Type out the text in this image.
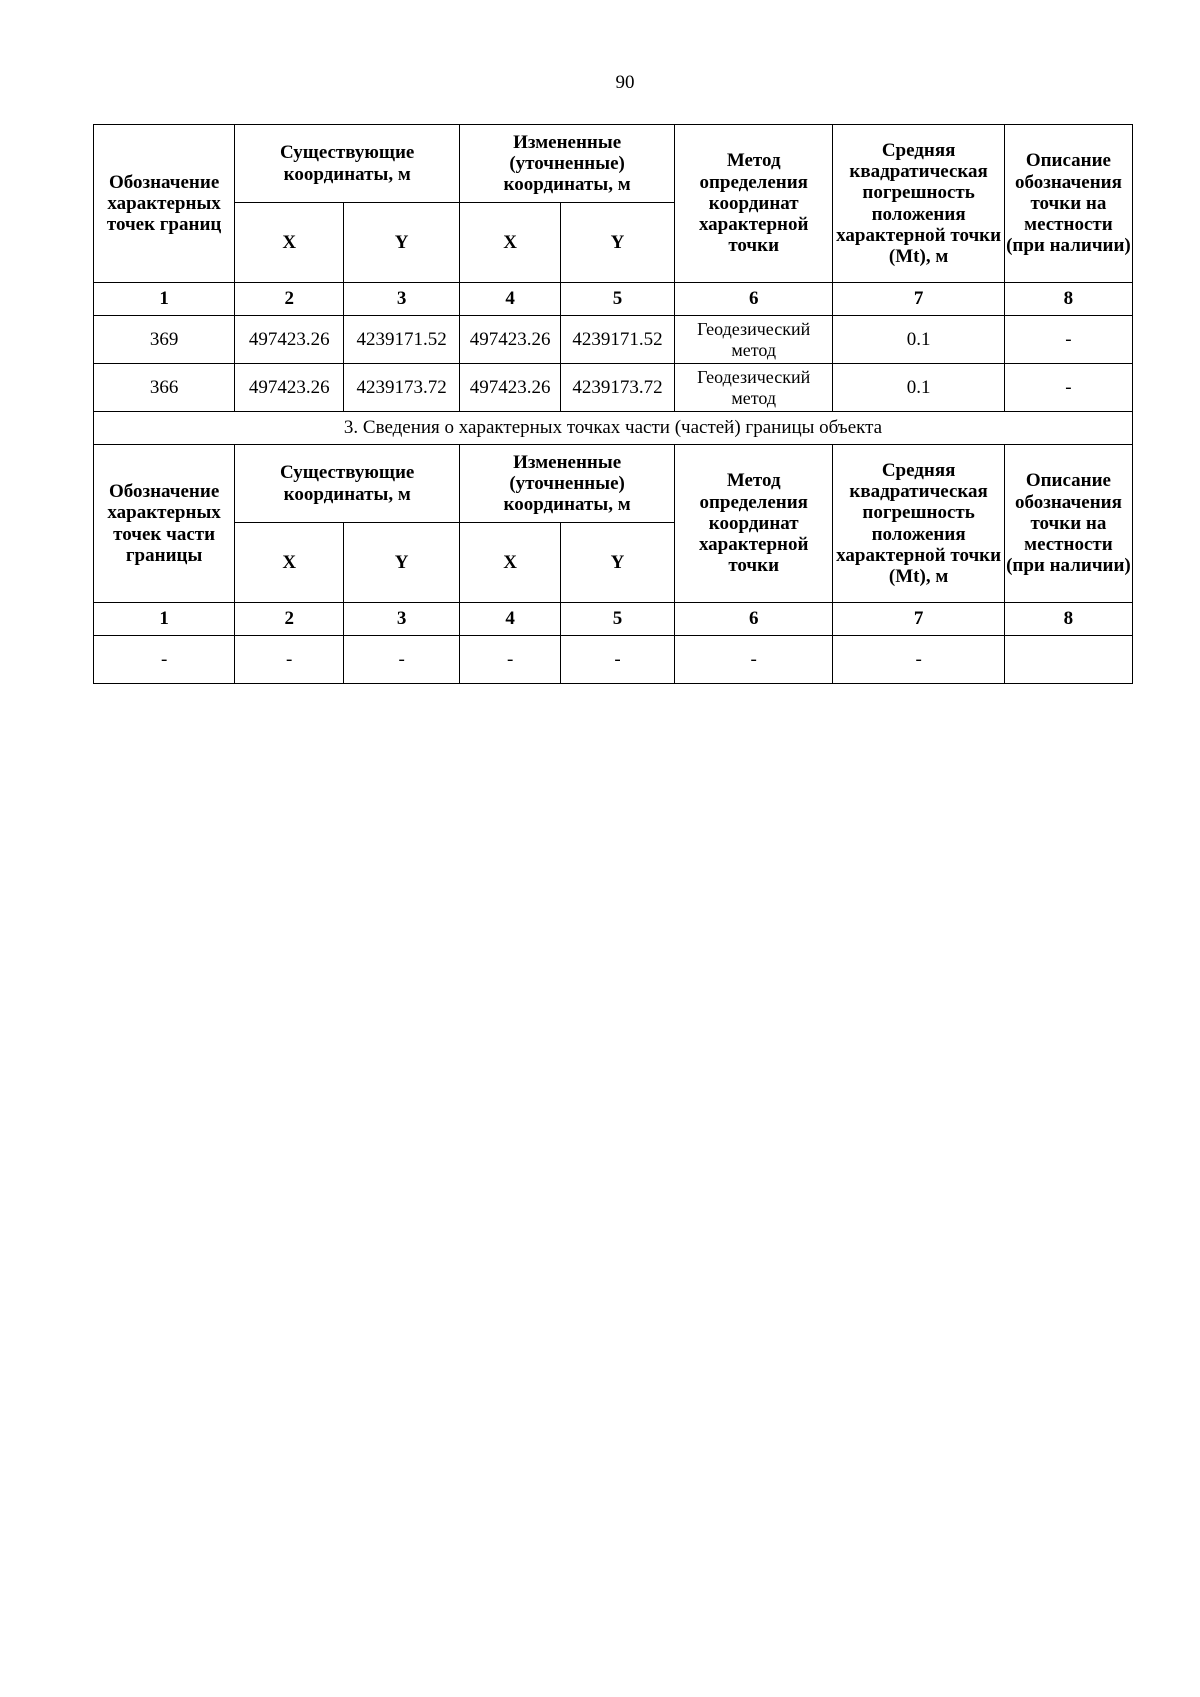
90
Обозначение характерных точек границ	Существующие координаты, м		Измененные (уточненные) координаты, м		Метод определения координат характерной точки	Средняя квадратическая погрешность положения характерной точки (Mt), м	Описание обозначения точки на местности (при наличии)
	X	Y	X	Y			
1	2	3	4	5	6	7	8
369	497423.26	4239171.52	497423.26	4239171.52	Геодезический метод	0.1	-
366	497423.26	4239173.72	497423.26	4239173.72	Геодезический метод	0.1	-
3. Сведения о характерных точках части (частей) границы объекта							
Обозначение характерных точек части границы	Существующие координаты, м		Измененные (уточненные) координаты, м		Метод определения координат характерной точки	Средняя квадратическая погрешность положения характерной точки (Mt), м	Описание обозначения точки на местности (при наличии)
	X	Y	X	Y			
1	2	3	4	5	6	7	8
-	-	-	-	-	-	-	
